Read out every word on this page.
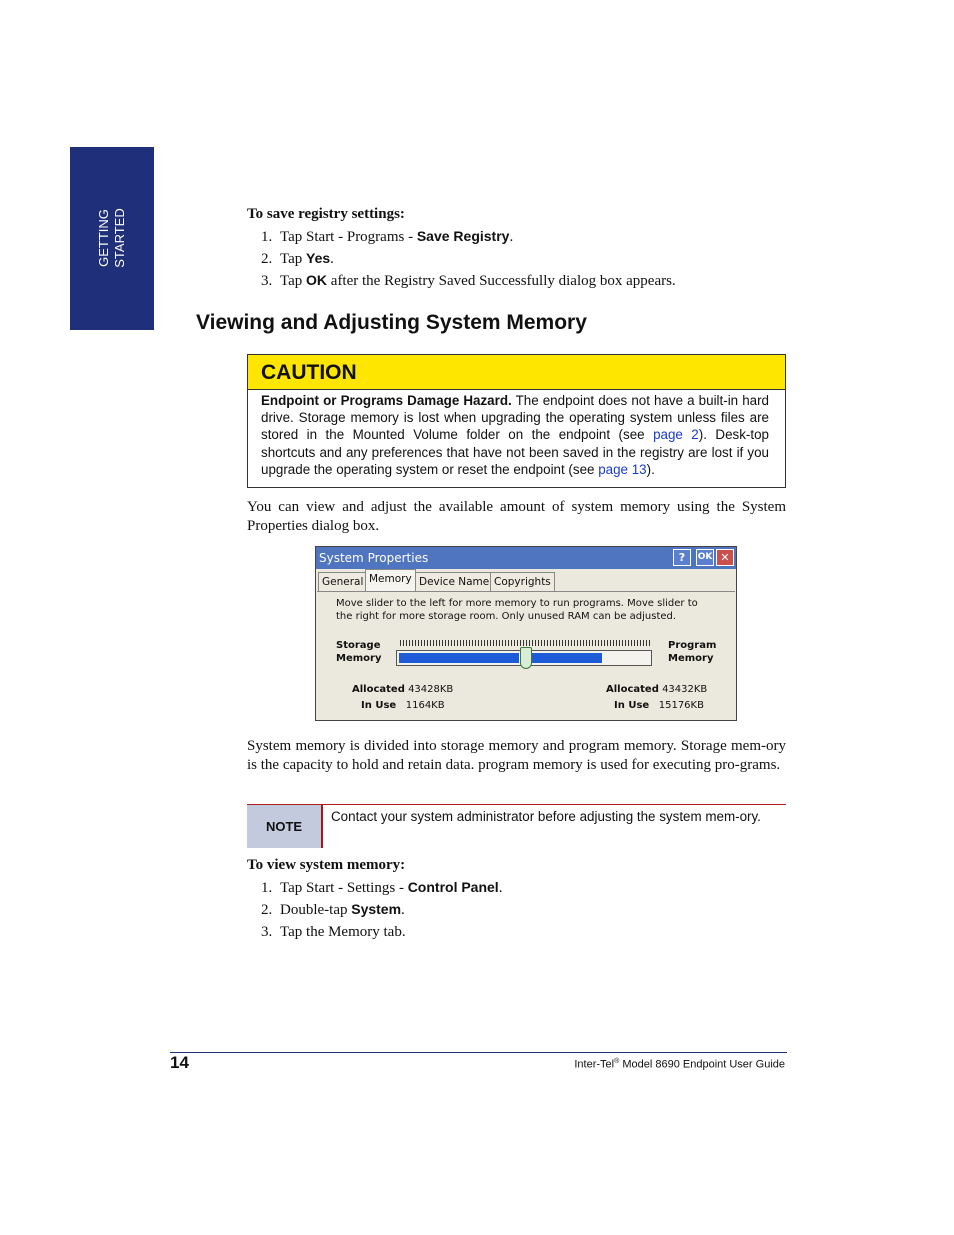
GETTING STARTED	To save registry settings:
1. Tap Start - Programs - Save Registry.
2. Tap Yes.
3. Tap OK after the Registry Saved Successfully dialog box appears.
Viewing and Adjusting System Memory
CAUTION
Endpoint or Programs Damage Hazard. The endpoint does not have a built-in hard drive. Storage memory is lost when upgrading the operating system unless files are stored in the Mounted Volume folder on the endpoint (see page 2). Desk-top shortcuts and any preferences that have not been saved in the registry are lost if you upgrade the operating system or reset the endpoint (see page 13).
You can view and adjust the available amount of system memory using the System Properties dialog box.
System Properties	?	OK ✕
General Memory Device Name Copyrights
Move slider to the left for more memory to run programs. Move slider to the right for more storage room. Only unused RAM can be adjusted.
Storage
Memory
Program
Memory
Allocated 43428KB
In Use 1164KB
Allocated 43432KB
In Use 15176KB
System memory is divided into storage memory and program memory. Storage mem-ory is the capacity to hold and retain data. program memory is used for executing pro-grams.
NOTE
Contact your system administrator before adjusting the system mem-ory.
To view system memory:
1. Tap Start - Settings - Control Panel.
2. Double-tap System.
3. Tap the Memory tab.
14	Inter-Tel® Model 8690 Endpoint User Guide
